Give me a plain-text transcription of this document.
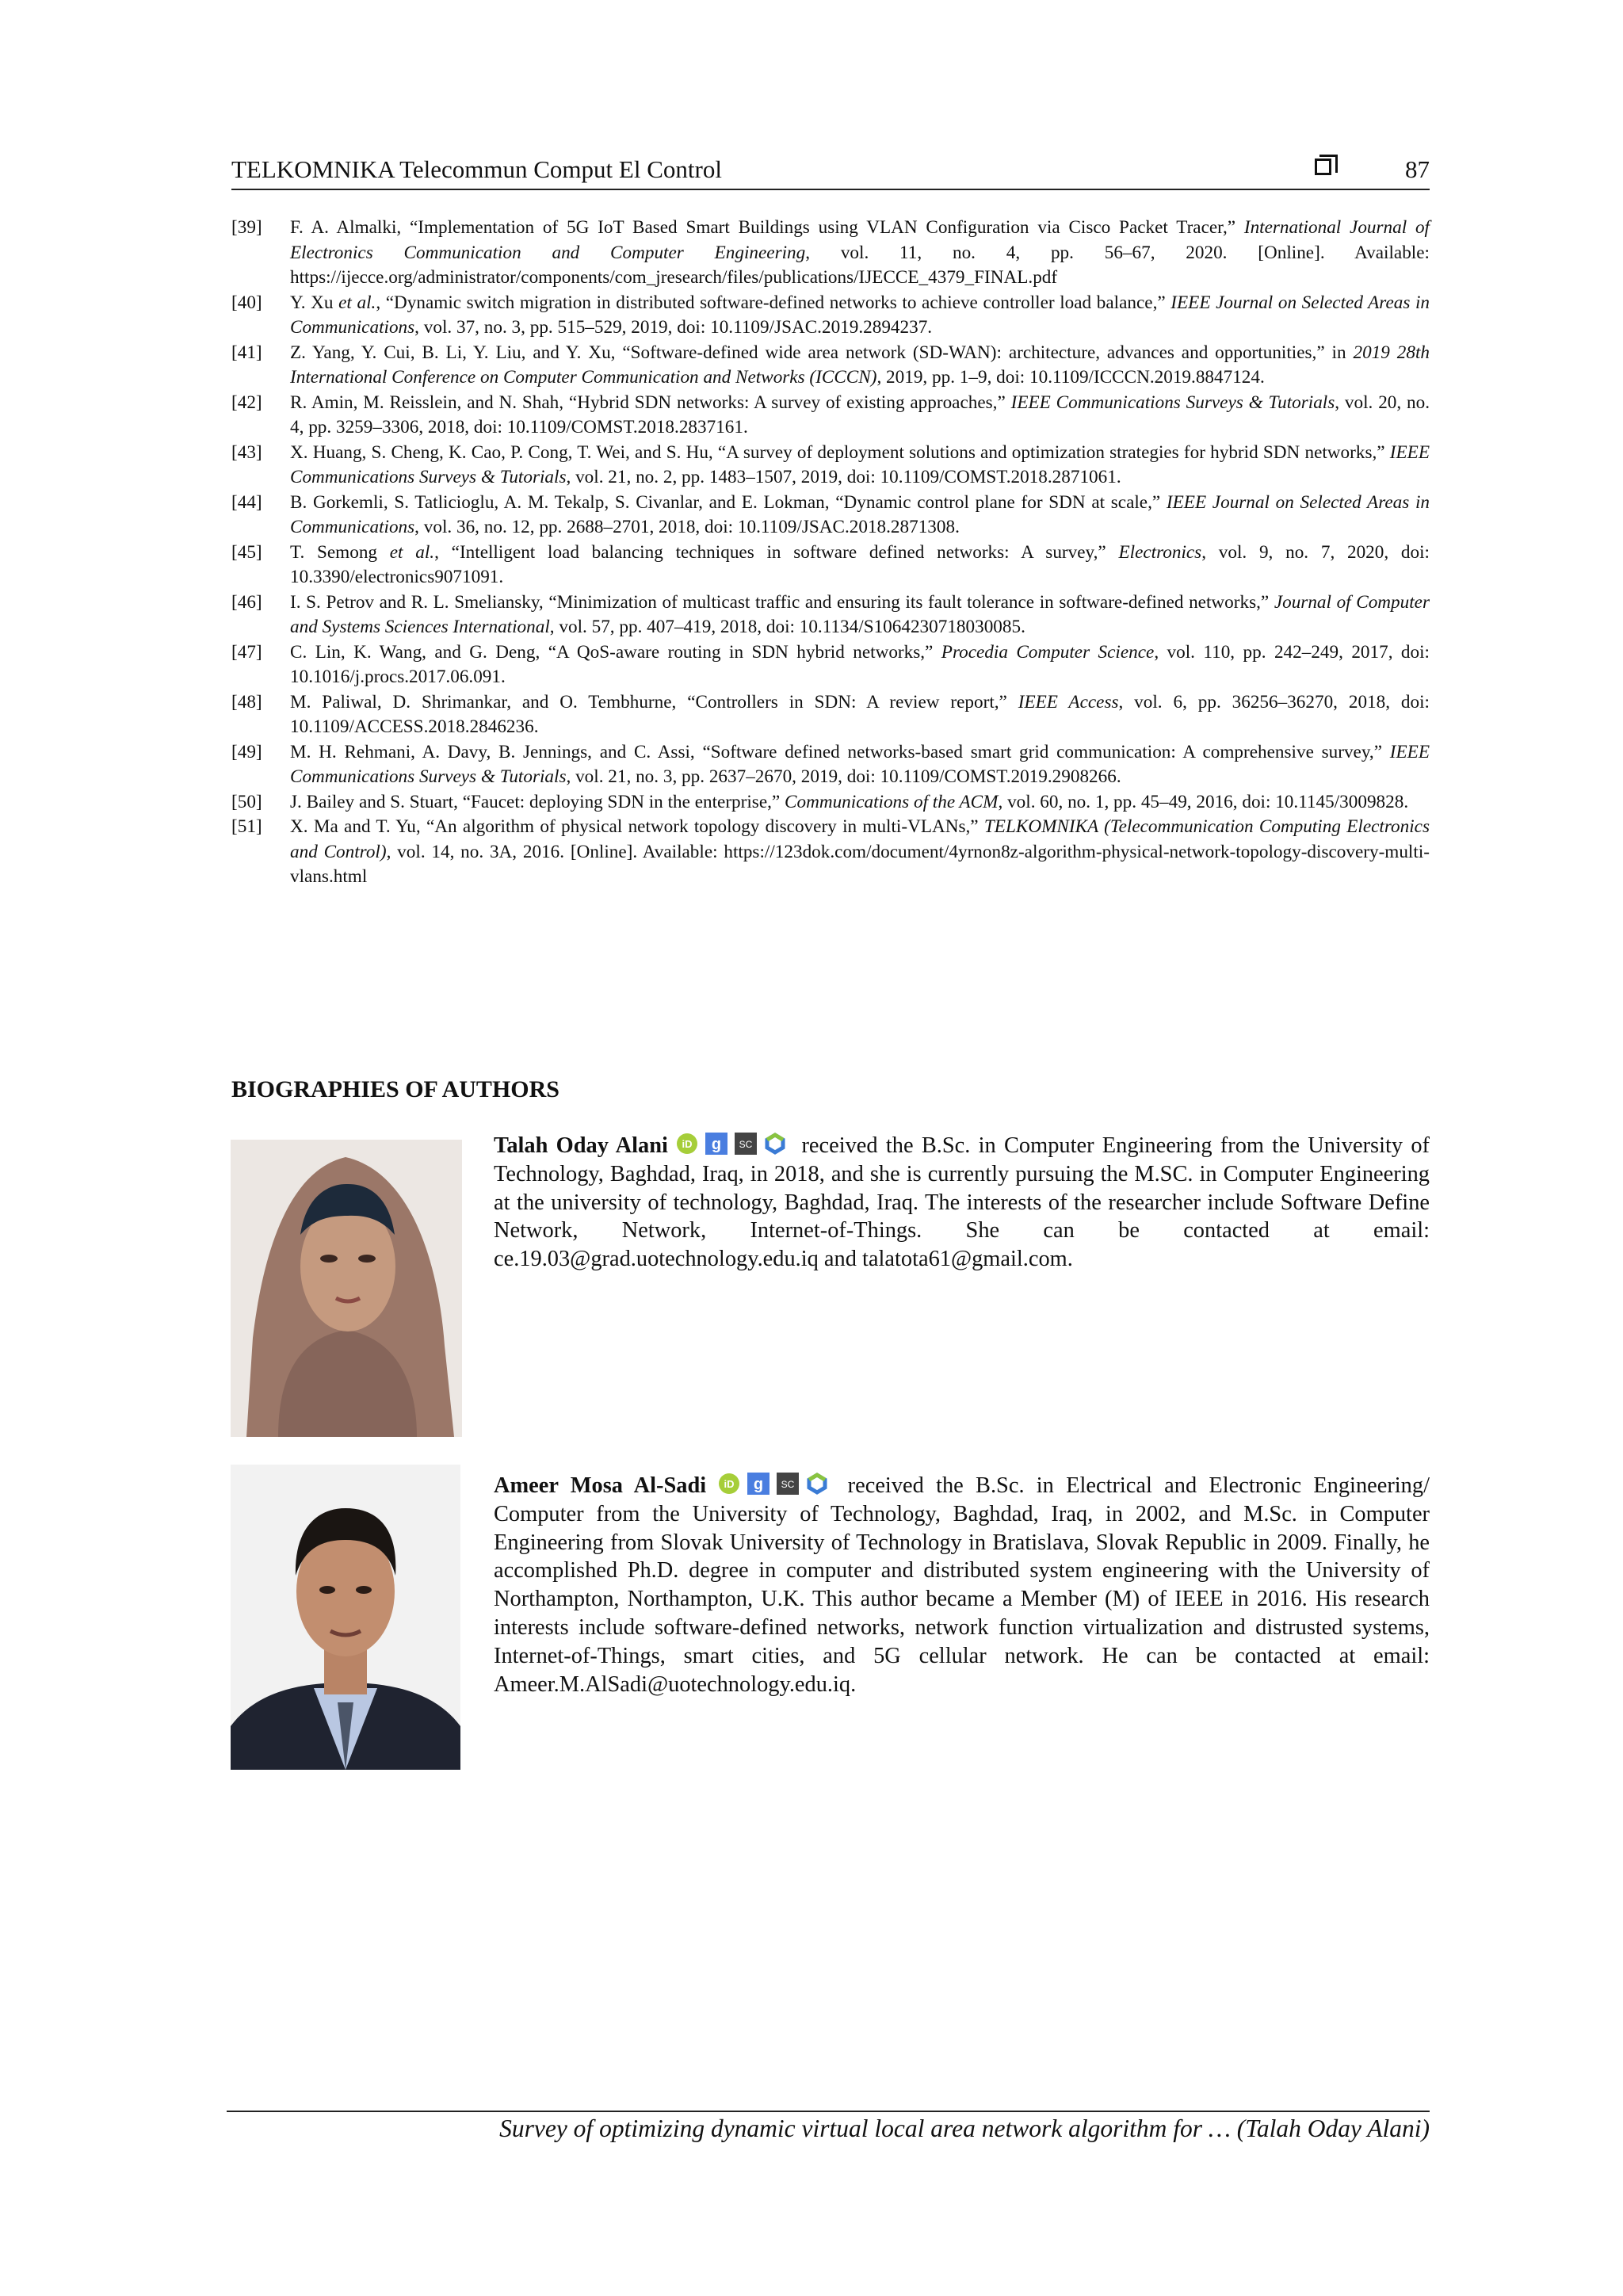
TELKOMNIKA Telecommun Comput El Control	87
[39] F. A. Almalki, “Implementation of 5G IoT Based Smart Buildings using VLAN Configuration via Cisco Packet Tracer,” International Journal of Electronics Communication and Computer Engineering, vol. 11, no. 4, pp. 56–67, 2020. [Online]. Available: https://ijecce.org/administrator/components/com_jresearch/files/publications/IJECCE_4379_FINAL.pdf
[40] Y. Xu et al., “Dynamic switch migration in distributed software-defined networks to achieve controller load balance,” IEEE Journal on Selected Areas in Communications, vol. 37, no. 3, pp. 515–529, 2019, doi: 10.1109/JSAC.2019.2894237.
[41] Z. Yang, Y. Cui, B. Li, Y. Liu, and Y. Xu, “Software-defined wide area network (SD-WAN): architecture, advances and opportunities,” in 2019 28th International Conference on Computer Communication and Networks (ICCCN), 2019, pp. 1–9, doi: 10.1109/ICCCN.2019.8847124.
[42] R. Amin, M. Reisslein, and N. Shah, “Hybrid SDN networks: A survey of existing approaches,” IEEE Communications Surveys & Tutorials, vol. 20, no. 4, pp. 3259–3306, 2018, doi: 10.1109/COMST.2018.2837161.
[43] X. Huang, S. Cheng, K. Cao, P. Cong, T. Wei, and S. Hu, “A survey of deployment solutions and optimization strategies for hybrid SDN networks,” IEEE Communications Surveys & Tutorials, vol. 21, no. 2, pp. 1483–1507, 2019, doi: 10.1109/COMST.2018.2871061.
[44] B. Gorkemli, S. Tatlicioglu, A. M. Tekalp, S. Civanlar, and E. Lokman, “Dynamic control plane for SDN at scale,” IEEE Journal on Selected Areas in Communications, vol. 36, no. 12, pp. 2688–2701, 2018, doi: 10.1109/JSAC.2018.2871308.
[45] T. Semong et al., “Intelligent load balancing techniques in software defined networks: A survey,” Electronics, vol. 9, no. 7, 2020, doi: 10.3390/electronics9071091.
[46] I. S. Petrov and R. L. Smeliansky, “Minimization of multicast traffic and ensuring its fault tolerance in software-defined networks,” Journal of Computer and Systems Sciences International, vol. 57, pp. 407–419, 2018, doi: 10.1134/S1064230718030085.
[47] C. Lin, K. Wang, and G. Deng, “A QoS-aware routing in SDN hybrid networks,” Procedia Computer Science, vol. 110, pp. 242–249, 2017, doi: 10.1016/j.procs.2017.06.091.
[48] M. Paliwal, D. Shrimankar, and O. Tembhurne, “Controllers in SDN: A review report,” IEEE Access, vol. 6, pp. 36256–36270, 2018, doi: 10.1109/ACCESS.2018.2846236.
[49] M. H. Rehmani, A. Davy, B. Jennings, and C. Assi, “Software defined networks-based smart grid communication: A comprehensive survey,” IEEE Communications Surveys & Tutorials, vol. 21, no. 3, pp. 2637–2670, 2019, doi: 10.1109/COMST.2019.2908266.
[50] J. Bailey and S. Stuart, “Faucet: deploying SDN in the enterprise,” Communications of the ACM, vol. 60, no. 1, pp. 45–49, 2016, doi: 10.1145/3009828.
[51] X. Ma and T. Yu, “An algorithm of physical network topology discovery in multi-VLANs,” TELKOMNIKA (Telecommunication Computing Electronics and Control), vol. 14, no. 3A, 2016. [Online]. Available: https://123dok.com/document/4yrnon8z-algorithm-physical-network-topology-discovery-multi-vlans.html
BIOGRAPHIES OF AUTHORS
Talah Oday Alani iD g SC received the B.Sc. in Computer Engineering from the University of Technology, Baghdad, Iraq, in 2018, and she is currently pursuing the M.SC. in Computer Engineering at the university of technology, Baghdad, Iraq. The interests of the researcher include Software Define Network, Network, Internet-of-Things. She can be contacted at email: ce.19.03@grad.uotechnology.edu.iq and talatota61@gmail.com.
Ameer Mosa Al-Sadi iD g SC received the B.Sc. in Electrical and Electronic Engineering/ Computer from the University of Technology, Baghdad, Iraq, in 2002, and M.Sc. in Computer Engineering from Slovak University of Technology in Bratislava, Slovak Republic in 2009. Finally, he accomplished Ph.D. degree in computer and distributed system engineering with the University of Northampton, Northampton, U.K. This author became a Member (M) of IEEE in 2016. His research interests include software-defined networks, network function virtualization and distrusted systems, Internet-of-Things, smart cities, and 5G cellular network. He can be contacted at email: Ameer.M.AlSadi@uotechnology.edu.iq.
Survey of optimizing dynamic virtual local area network algorithm for … (Talah Oday Alani)
